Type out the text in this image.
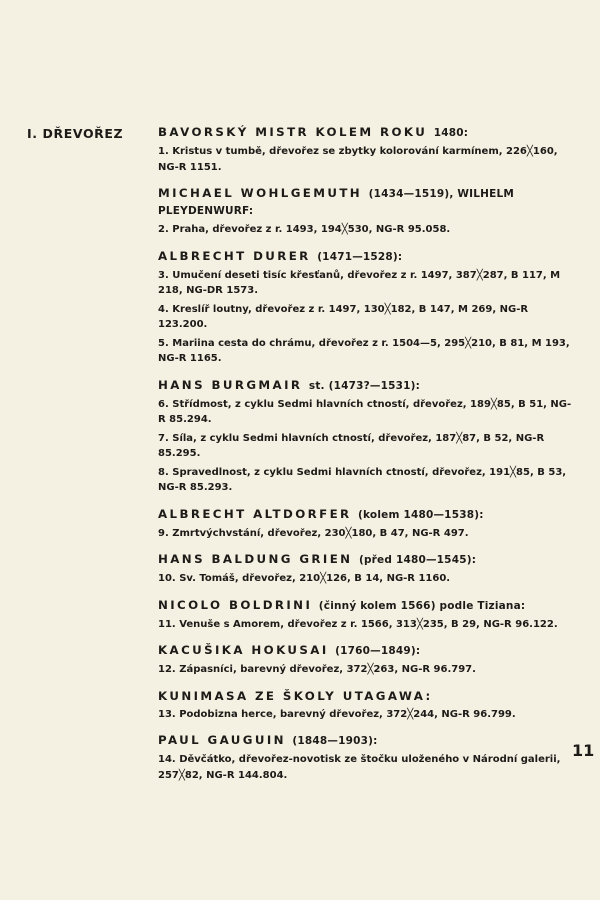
I. DŘEVOŘEZ	BAVORSKÝ MISTR KOLEM ROKU 1480:
1. Kristus v tumbě, dřevořez se zbytky kolorování karmínem, 226╳160, NG-R 1151.
MICHAEL WOHLGEMUTH (1434—1519), WILHELM PLEYDENWURF:
2. Praha, dřevořez z r. 1493, 194╳530, NG-R 95.058.
ALBRECHT DURER (1471—1528):
3. Umučení deseti tisíc křesťanů, dřevořez z r. 1497, 387╳287, B 117, M 218, NG-DR 1573.
4. Kreslíř loutny, dřevořez z r. 1497, 130╳182, B 147, M 269, NG-R 123.200.
5. Mariina cesta do chrámu, dřevořez z r. 1504—5, 295╳210, B 81, M 193, NG-R 1165.
HANS BURGMAIR st. (1473?—1531):
6. Střídmost, z cyklu Sedmi hlavních ctností, dřevořez, 189╳85, B 51, NG-R 85.294.
7. Síla, z cyklu Sedmi hlavních ctností, dřevořez, 187╳87, B 52, NG-R 85.295.
8. Spravedlnost, z cyklu Sedmi hlavních ctností, dřevořez, 191╳85, B 53, NG-R 85.293.
ALBRECHT ALTDORFER (kolem 1480—1538):
9. Zmrtvýchvstání, dřevořez, 230╳180, B 47, NG-R 497.
HANS BALDUNG GRIEN (před 1480—1545):
10. Sv. Tomáš, dřevořez, 210╳126, B 14, NG-R 1160.
NICOLO BOLDRINI (činný kolem 1566) podle Tiziana:
11. Venuše s Amorem, dřevořez z r. 1566, 313╳235, B 29, NG-R 96.122.
KACUŠIKA HOKUSAI (1760—1849):
12. Zápasníci, barevný dřevořez, 372╳263, NG-R 96.797.
KUNIMASA ZE ŠKOLY UTAGAWA:
13. Podobizna herce, barevný dřevořez, 372╳244, NG-R 96.799.
PAUL GAUGUIN (1848—1903):
14. Děvčátko, dřevořez-novotisk ze štočku uloženého v Národní galerii, 257╳82, NG-R 144.804.
11
